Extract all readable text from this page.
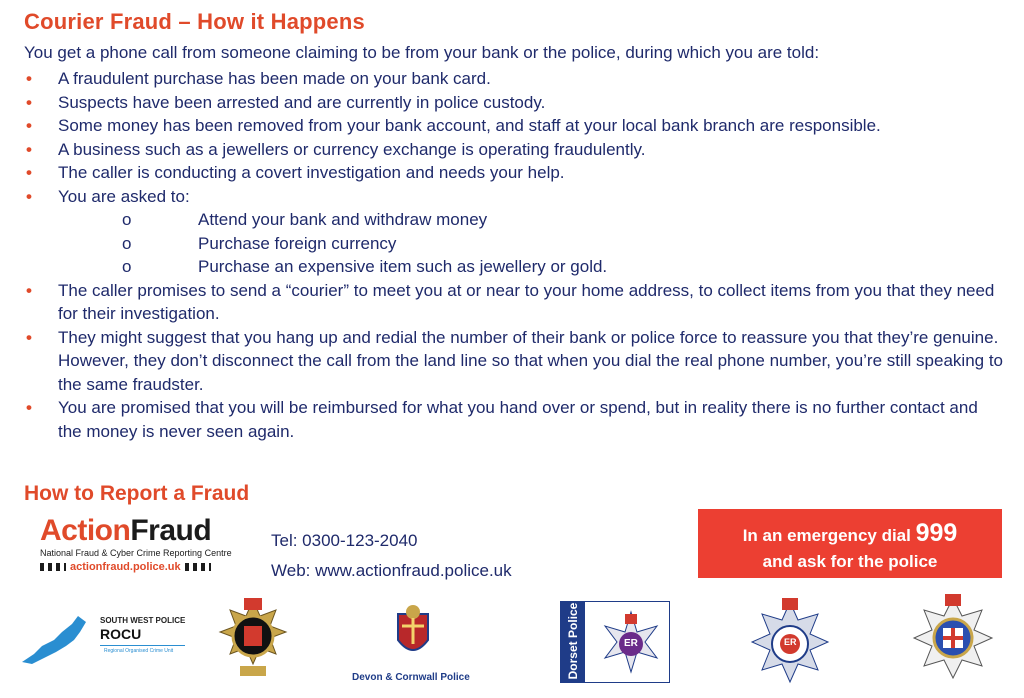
Courier Fraud – How it Happens
You get a phone call from someone claiming to be from your bank or the police, during which you are told:
• A fraudulent purchase has been made on your bank card.
• Suspects have been arrested and are currently in police custody.
• Some money has been removed from your bank account, and staff at your local bank branch are responsible.
• A business such as a jewellers or currency exchange is operating fraudulently.
• The caller is conducting a covert investigation and needs your help.
• You are asked to:
o	Attend your bank and withdraw money
o	Purchase foreign currency
o	Purchase an expensive item such as jewellery or gold.
• The caller promises to send a “courier” to meet you at or near to your home address, to collect items from you that they need for their investigation.
• They might suggest that you hang up and redial the number of their bank or police force to reassure you that they’re genuine. However, they don’t disconnect the call from the land line so that when you dial the real phone number, you’re still speaking to the same fraudster.
• You are promised that you will be reimbursed for what you hand over or spend, but in reality there is no further contact and the money is never seen again.
How to Report a Fraud
ActionFraud
National Fraud & Cyber Crime Reporting Centre
actionfraud.police.uk
Tel: 0300-123-2040
Web: www.actionfraud.police.uk
In an emergency dial 999
and ask for the police
SOUTH WEST POLICE
ROCU
Regional Organised Crime Unit
Devon & Cornwall Police	Dorset Police	ER	ER
